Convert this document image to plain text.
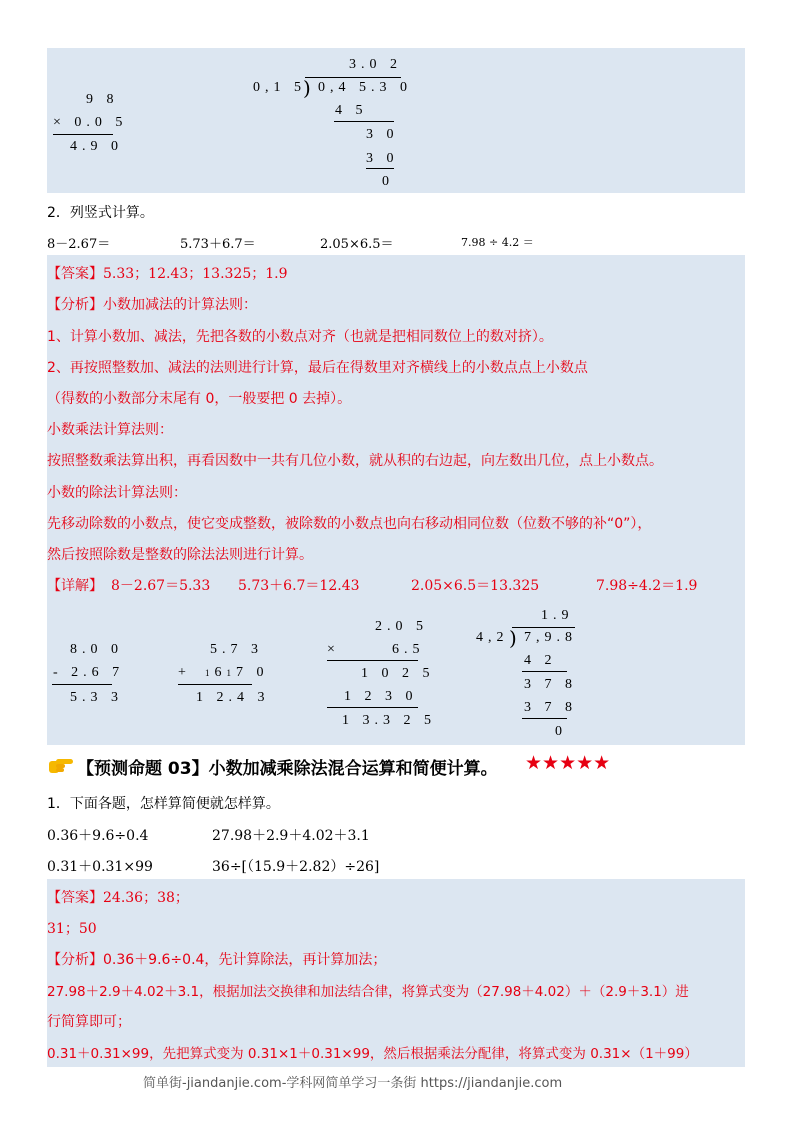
9 8
× 0.0 5
4.9 0
3.0 2
0,1 5
) 0,4 5.3 0
4 5
3 0
3 0
0
2．列竖式计算。
8－2.67＝	5.73＋6.7＝	2.05×6.5＝	7.98 ÷ 4.2 ＝
【答案】5.33；12.43；13.325；1.9
【分析】小数加减法的计算法则：
1、计算小数加、减法，先把各数的小数点对齐（也就是把相同数位上的数对挤）。
2、再按照整数加、减法的法则进行计算，最后在得数里对齐横线上的小数点点上小数点
（得数的小数部分末尾有 0，一般要把 0 去掉）。
小数乘法计算法则：
按照整数乘法算出积，再看因数中一共有几位小数，就从积的右边起，向左数出几位，点上小数点。
小数的除法计算法则：
先移动除数的小数点，使它变成整数，被除数的小数点也向右移动相同位数（位数不够的补“0”），
然后按照除数是整数的除法法则进行计算。
【详解】 8－2.67＝5.33 5.73＋6.7＝12.43	2.05×6.5＝13.325	7.98÷4.2＝1.9
8.0 0
- 2.6 7
5.3 3
5.7 3
+ 1617 0
1 2.4 3
2.0 5
×	6.5
1 0 2 5
1 2 3 0
1 3.3 2 5
1.9
)
4,2 7,9.8
4 2
3 7 8
3 7 8
0
【预测命题 03】小数加减乘除法混合运算和简便计算。 ★★★★★
1．下面各题，怎样算简便就怎样算。
0.36＋9.6÷0.4	27.98＋2.9＋4.02＋3.1
0.31＋0.31×99	36÷[（15.9＋2.82）÷26]
【答案】24.36；38；
31；50
【分析】0.36＋9.6÷0.4，先计算除法，再计算加法；
27.98＋2.9＋4.02＋3.1，根据加法交换律和加法结合律，将算式变为（27.98＋4.02）＋（2.9＋3.1）进
行简算即可；
0.31＋0.31×99，先把算式变为 0.31×1＋0.31×99，然后根据乘法分配律，将算式变为 0.31×（1＋99）
简单街-jiandanjie.com-学科网简单学习一条街 https://jiandanjie.com
